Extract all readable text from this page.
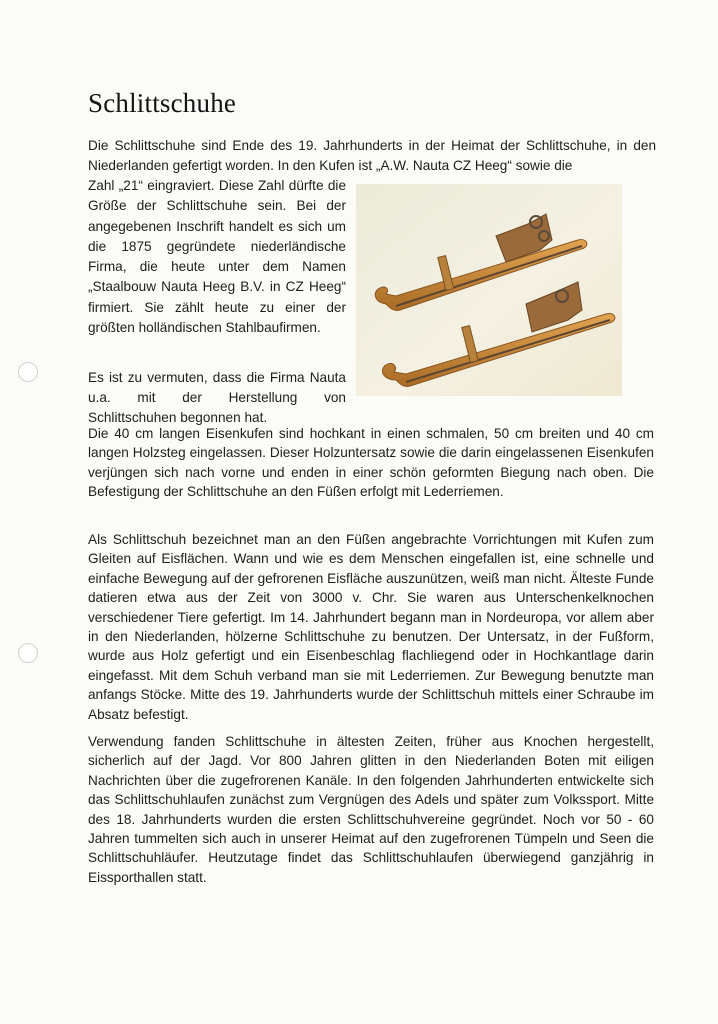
Schlittschuhe

Die Schlittschuhe sind Ende des 19. Jahrhunderts in der Heimat der Schlittschuhe, in den Niederlanden gefertigt worden. In den Kufen ist „A.W. Nauta CZ Heeg“ sowie die

Zahl „21“ eingraviert. Diese Zahl dürfte die Größe der Schlittschuhe sein. Bei der angegebenen Inschrift handelt es sich um die 1875 gegründete niederländische Firma, die heute unter dem Namen „Staalbouw Nauta Heeg B.V. in CZ Heeg“ firmiert. Sie zählt heute zu einer der größten holländischen Stahlbaufirmen.

Es ist zu vermuten, dass die Firma Nauta u.a. mit der Herstellung von Schlittschuhen begonnen hat.

Die 40 cm langen Eisenkufen sind hochkant in einen schmalen, 50 cm breiten und 40 cm langen Holzsteg eingelassen. Dieser Holzuntersatz sowie die darin eingelassenen Eisenkufen verjüngen sich nach vorne und enden in einer schön geformten Biegung nach oben. Die Befestigung der Schlittschuhe an den Füßen erfolgt mit Lederriemen.

Als Schlittschuh bezeichnet man an den Füßen angebrachte Vorrichtungen mit Kufen zum Gleiten auf Eisflächen. Wann und wie es dem Menschen eingefallen ist, eine schnelle und einfache Bewegung auf der gefrorenen Eisfläche auszunützen, weiß man nicht. Älteste Funde datieren etwa aus der Zeit von 3000 v. Chr. Sie waren aus Unterschenkelknochen verschiedener Tiere gefertigt. Im 14. Jahrhundert begann man in Nordeuropa, vor allem aber in den Niederlanden, hölzerne Schlittschuhe zu benutzen. Der Untersatz, in der Fußform, wurde aus Holz gefertigt und ein Eisenbeschlag flachliegend oder in Hochkantlage darin eingefasst. Mit dem Schuh verband man sie mit Lederriemen. Zur Bewegung benutzte man anfangs Stöcke. Mitte des 19. Jahrhunderts wurde der Schlittschuh mittels einer Schraube im Absatz befestigt.

Verwendung fanden Schlittschuhe in ältesten Zeiten, früher aus Knochen hergestellt, sicherlich auf der Jagd. Vor 800 Jahren glitten in den Niederlanden Boten mit eiligen Nachrichten über die zugefrorenen Kanäle. In den folgenden Jahrhunderten entwickelte sich das Schlittschuhlaufen zunächst zum Vergnügen des Adels und später zum Volkssport. Mitte des 18. Jahrhunderts wurden die ersten Schlittschuhvereine gegründet. Noch vor 50 - 60 Jahren tummelten sich auch in unserer Heimat auf den zugefrorenen Tümpeln und Seen die Schlittschuhläufer. Heutzutage findet das Schlittschuhlaufen überwiegend ganzjährig in Eissporthallen statt.
